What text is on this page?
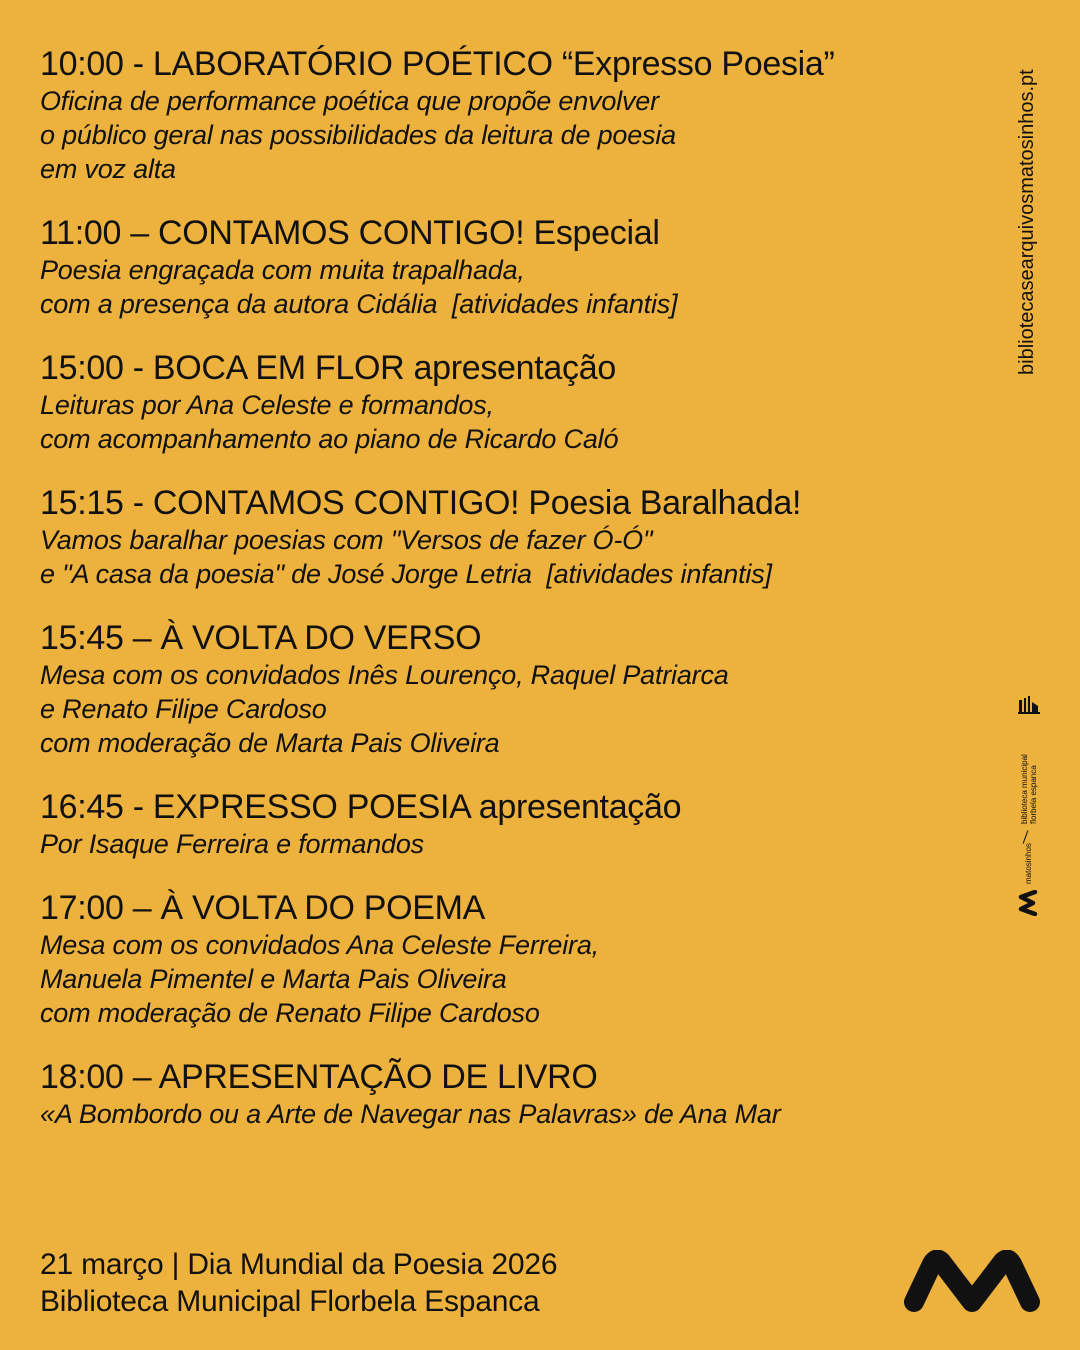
10:00 - LABORATÓRIO POÉTICO “Expresso Poesia”
Oficina de performance poética que propõe envolver
o público geral nas possibilidades da leitura de poesia
em voz alta
11:00 – CONTAMOS CONTIGO! Especial
Poesia engraçada com muita trapalhada,
com a presença da autora Cidália  [atividades infantis]
15:00 - BOCA EM FLOR apresentação
Leituras por Ana Celeste e formandos,
com acompanhamento ao piano de Ricardo Caló
15:15 - CONTAMOS CONTIGO! Poesia Baralhada!
Vamos baralhar poesias com "Versos de fazer Ó-Ó"
e "A casa da poesia" de José Jorge Letria  [atividades infantis]
15:45 – À VOLTA DO VERSO
Mesa com os convidados Inês Lourenço, Raquel Patriarca
e Renato Filipe Cardoso
com moderação de Marta Pais Oliveira
16:45 - EXPRESSO POESIA apresentação
Por Isaque Ferreira e formandos
17:00 – À VOLTA DO POEMA
Mesa com os convidados Ana Celeste Ferreira,
Manuela Pimentel e Marta Pais Oliveira
com moderação de Renato Filipe Cardoso
18:00 – APRESENTAÇÃO DE LIVRO
«A Bombordo ou a Arte de Navegar nas Palavras» de Ana Mar
21 março | Dia Mundial da Poesia 2026
Biblioteca Municipal Florbela Espanca
bibliotecasearquivosmatosinhos.pt
biblioteca municipal florbela espanca
matosinhos
